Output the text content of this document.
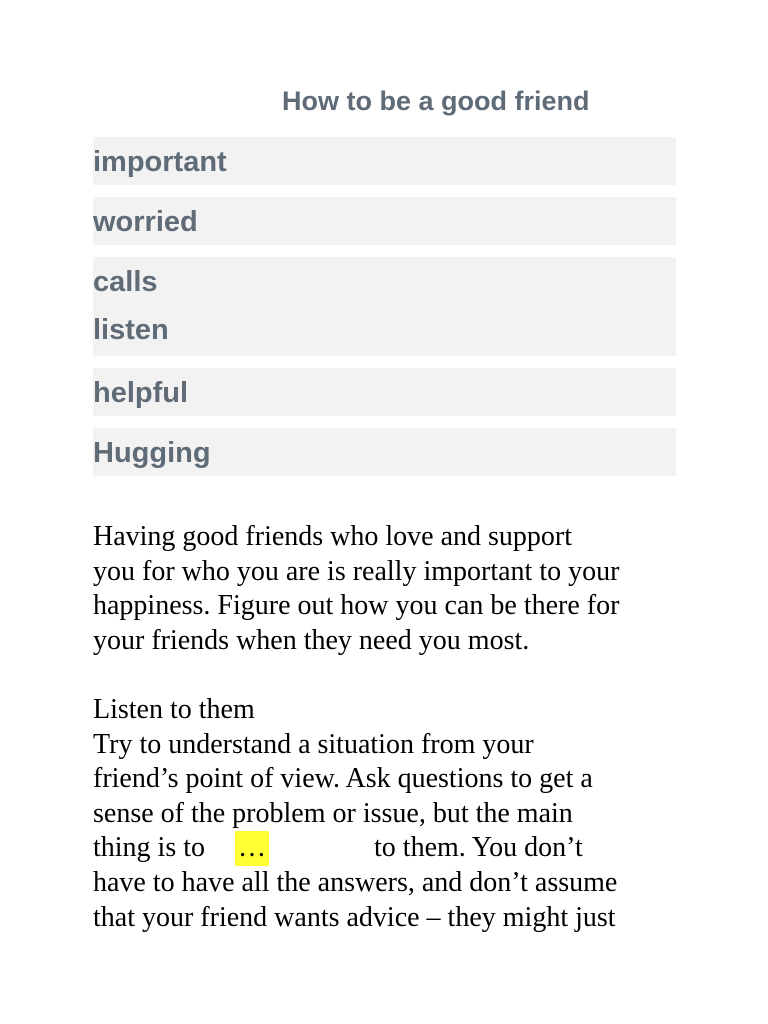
How to be a good friend
important
worried
calls
listen
helpful
Hugging

Having good friends who love and support

you for who you are is really important to your

happiness. Figure out how you can be there for

your friends when they need you most.

Listen to them

Try to understand a situation from your

friend’s point of view. Ask questions to get a

sense of the problem or issue, but the main

thing is to …	to them. You don’t

have to have all the answers, and don’t assume

that your friend wants advice – they might just
